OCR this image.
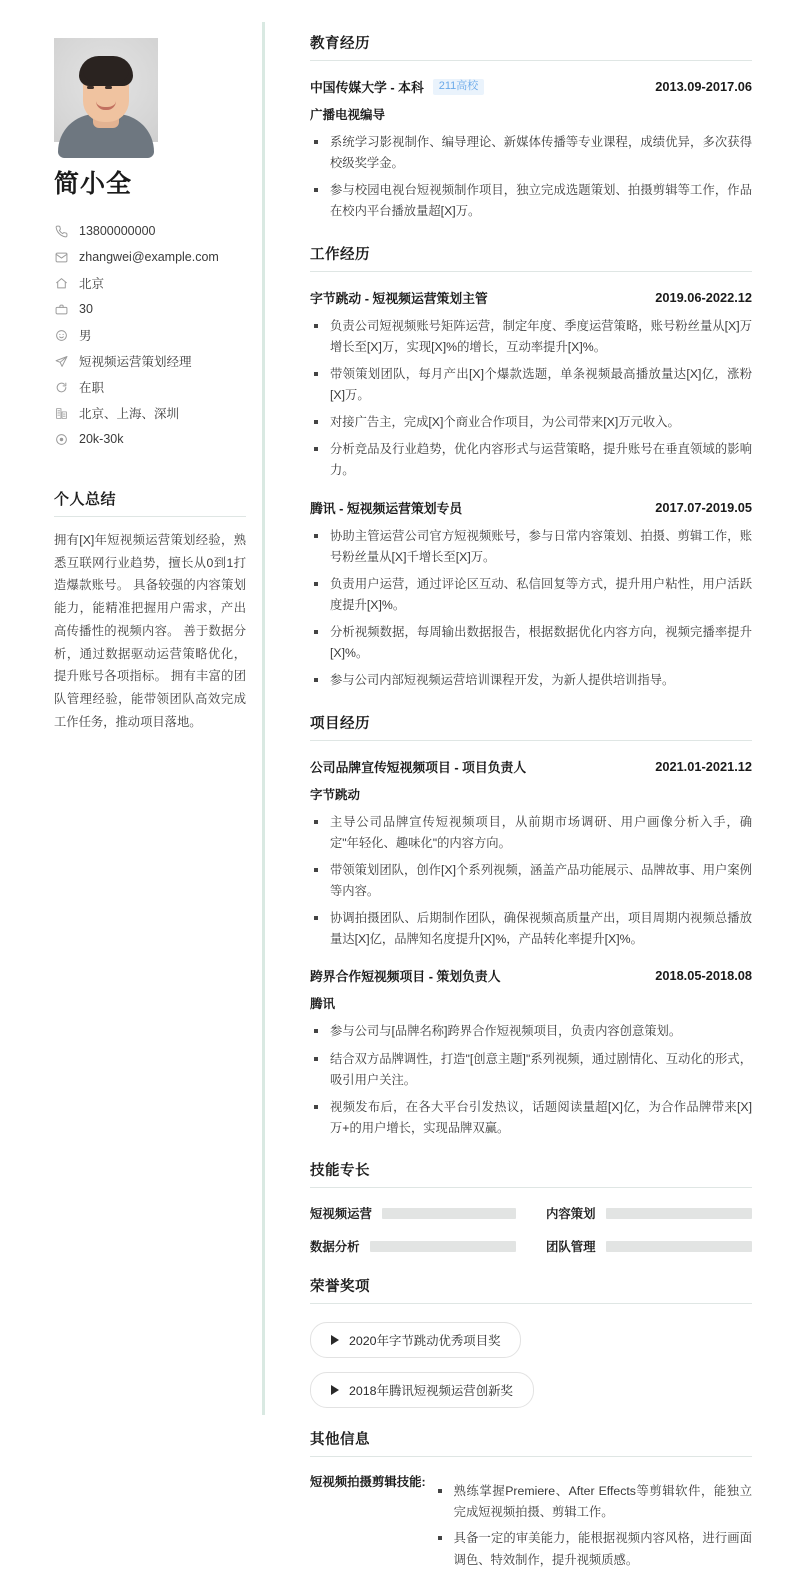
简小全
13800000000
zhangwei@example.com
北京
30
男
短视频运营策划经理
在职
北京、上海、深圳
20k-30k
个人总结

拥有[X]年短视频运营策划经验，熟悉互联网行业趋势，擅长从0到1打造爆款账号。 具备较强的内容策划能力，能精准把握用户需求，产出高传播性的视频内容。 善于数据分析，通过数据驱动运营策略优化，提升账号各项指标。 拥有丰富的团队管理经验，能带领团队高效完成工作任务，推动项目落地。

教育经历
中国传媒大学 - 本科	211高校	2013.09-2017.06
广播电视编导
系统学习影视制作、编导理论、新媒体传播等专业课程，成绩优异，多次获得校级奖学金。
参与校园电视台短视频制作项目，独立完成选题策划、拍摄剪辑等工作，作品在校内平台播放量超[X]万。
工作经历
字节跳动 - 短视频运营策划主管	2019.06-2022.12
负责公司短视频账号矩阵运营，制定年度、季度运营策略，账号粉丝量从[X]万增长至[X]万，实现[X]%的增长，互动率提升[X]%。
带领策划团队，每月产出[X]个爆款选题，单条视频最高播放量达[X]亿，涨粉[X]万。
对接广告主，完成[X]个商业合作项目，为公司带来[X]万元收入。
分析竞品及行业趋势，优化内容形式与运营策略，提升账号在垂直领域的影响力。
腾讯 - 短视频运营策划专员	2017.07-2019.05
协助主管运营公司官方短视频账号，参与日常内容策划、拍摄、剪辑工作，账号粉丝量从[X]千增长至[X]万。
负责用户运营，通过评论区互动、私信回复等方式，提升用户粘性，用户活跃度提升[X]%。
分析视频数据，每周输出数据报告，根据数据优化内容方向，视频完播率提升[X]%。
参与公司内部短视频运营培训课程开发，为新人提供培训指导。
项目经历
公司品牌宣传短视频项目 - 项目负责人	2021.01-2021.12
字节跳动
主导公司品牌宣传短视频项目，从前期市场调研、用户画像分析入手，确定"年轻化、趣味化"的内容方向。
带领策划团队，创作[X]个系列视频，涵盖产品功能展示、品牌故事、用户案例等内容。
协调拍摄团队、后期制作团队，确保视频高质量产出，项目周期内视频总播放量达[X]亿，品牌知名度提升[X]%，产品转化率提升[X]%。
跨界合作短视频项目 - 策划负责人	2018.05-2018.08
腾讯
参与公司与[品牌名称]跨界合作短视频项目，负责内容创意策划。
结合双方品牌调性，打造"[创意主题]"系列视频，通过剧情化、互动化的形式，吸引用户关注。
视频发布后，在各大平台引发热议，话题阅读量超[X]亿，为合作品牌带来[X]万+的用户增长，实现品牌双赢。
技能专长
短视频运营	内容策划
数据分析	团队管理
荣誉奖项
2020年字节跳动优秀项目奖
2018年腾讯短视频运营创新奖
其他信息
短视频拍摄剪辑技能:
熟练掌握Premiere、After Effects等剪辑软件，能独立完成短视频拍摄、剪辑工作。
具备一定的审美能力，能根据视频内容风格，进行画面调色、特效制作，提升视频质感。
